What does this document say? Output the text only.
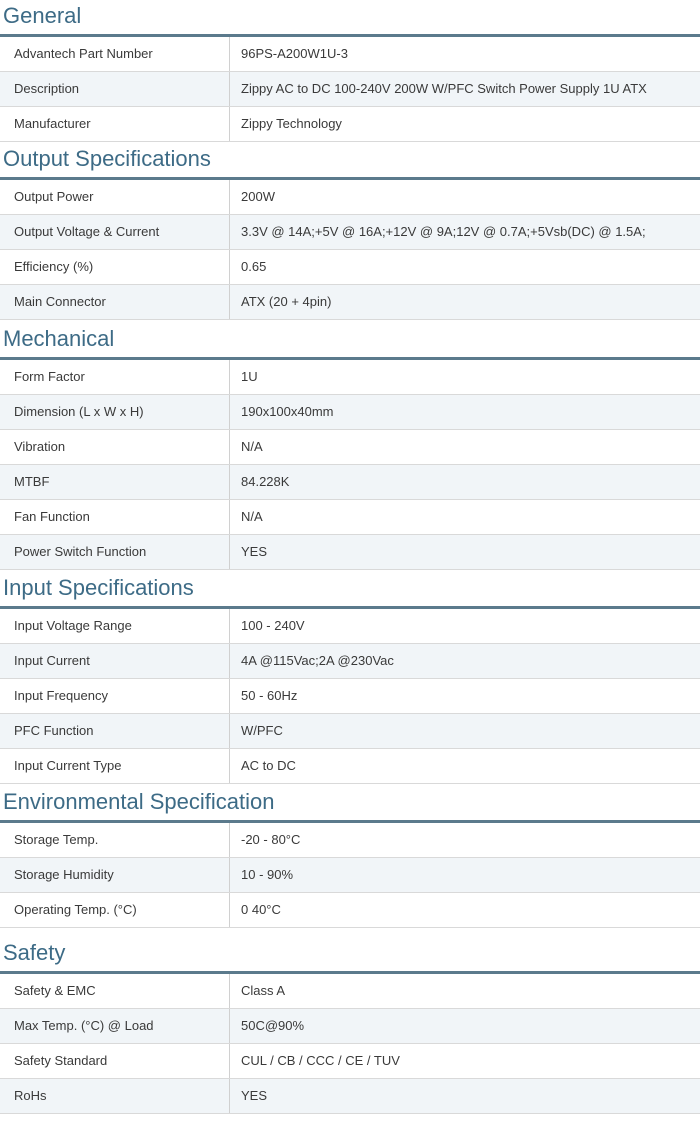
General
Advantech Part Number	96PS-A200W1U-3
Description	Zippy AC to DC 100-240V 200W W/PFC Switch Power Supply 1U ATX
Manufacturer	Zippy Technology
Output Specifications
Output Power	200W
Output Voltage & Current	3.3V @ 14A;+5V @ 16A;+12V @ 9A;12V @ 0.7A;+5Vsb(DC) @ 1.5A;
Efficiency (%)	0.65
Main Connector	ATX (20 + 4pin)
Mechanical
Form Factor	1U
Dimension (L x W x H)	190x100x40mm
Vibration	N/A
MTBF	84.228K
Fan Function	N/A
Power Switch Function	YES
Input Specifications
Input Voltage Range	100 - 240V
Input Current	4A @115Vac;2A @230Vac
Input Frequency	50 - 60Hz
PFC Function	W/PFC
Input Current Type	AC to DC
Environmental Specification
Storage Temp.	-20 - 80°C
Storage Humidity	10 - 90%
Operating Temp. (°C)	0 40°C
Safety
Safety & EMC	Class A
Max Temp. (°C) @ Load	50C@90%
Safety Standard	CUL / CB / CCC / CE / TUV
RoHs	YES
